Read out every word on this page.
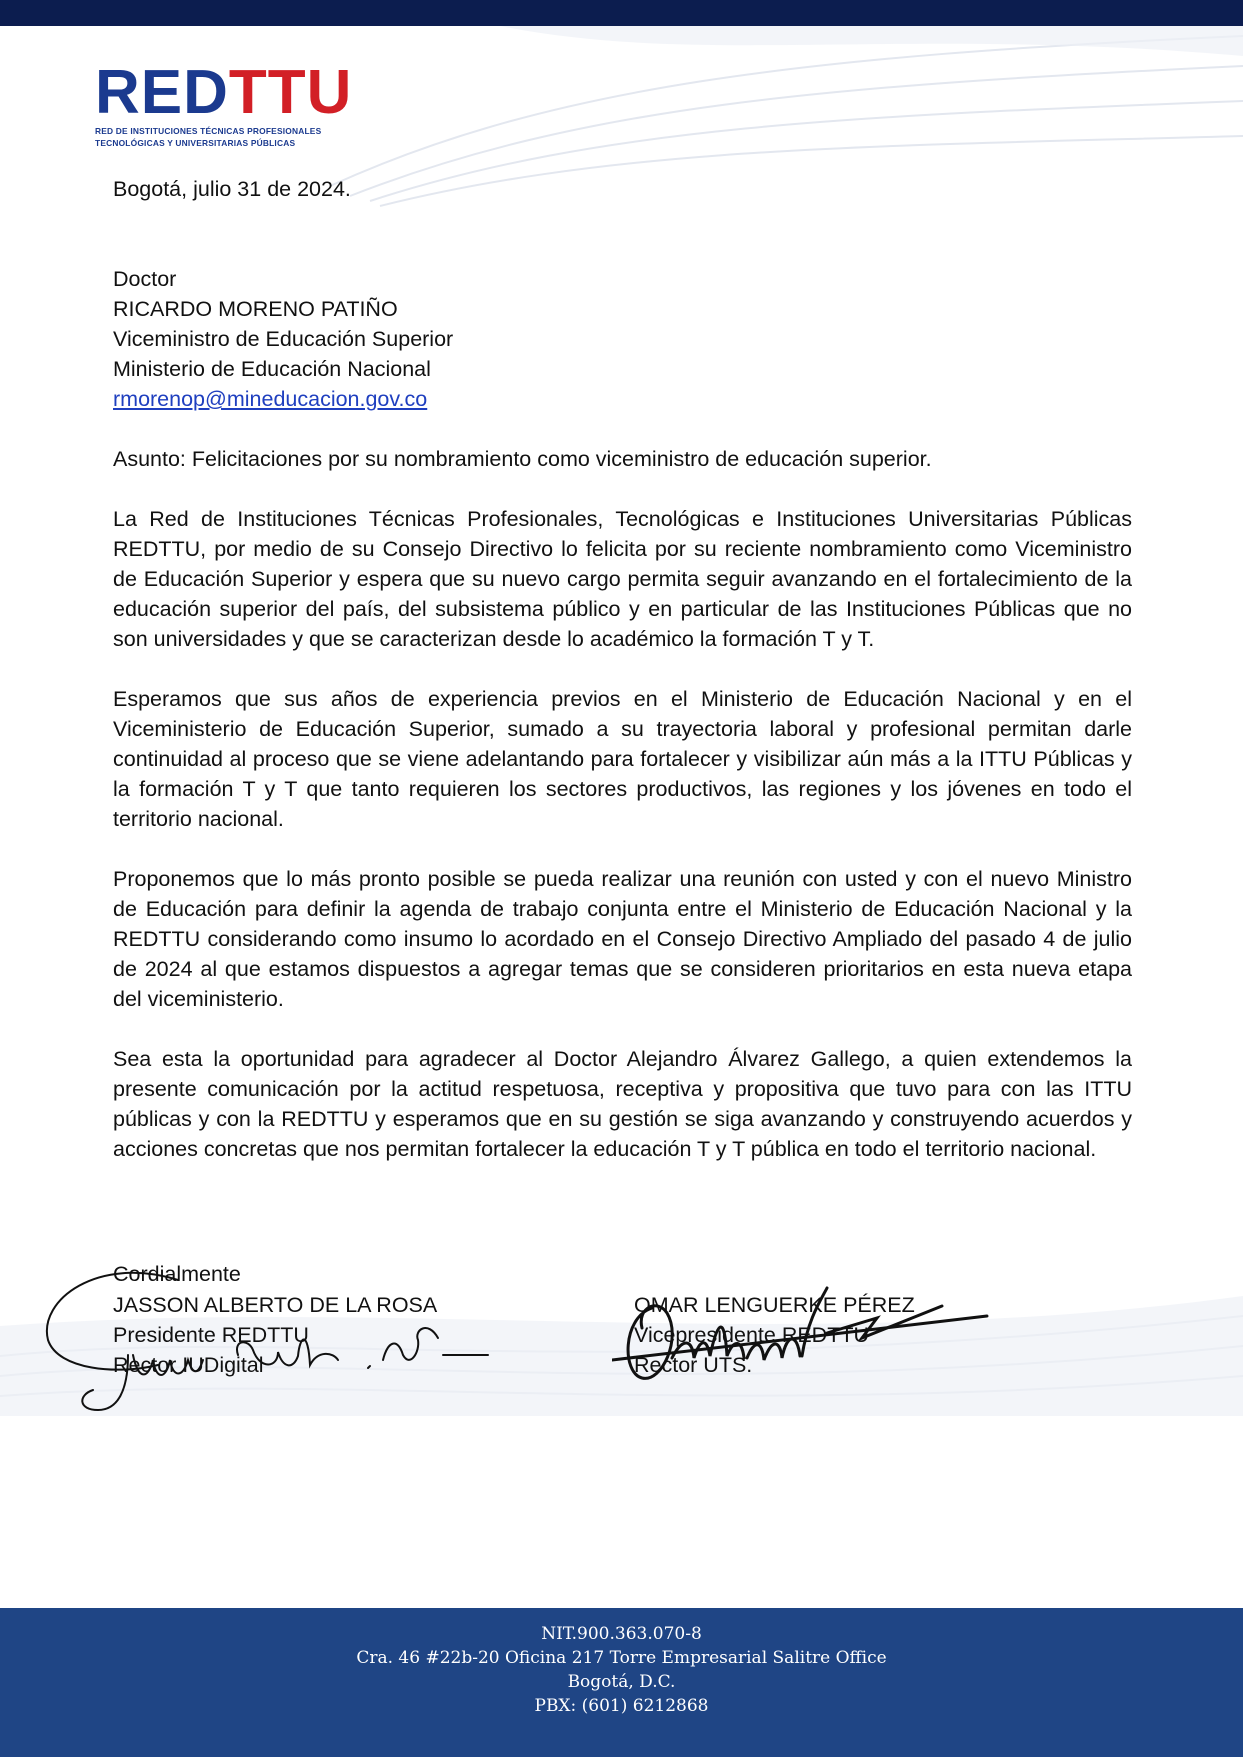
RED TTU
RED DE INSTITUCIONES TÉCNICAS PROFESIONALES
TECNOLÓGICAS Y UNIVERSITARIAS PÚBLICAS
Bogotá, julio 31 de 2024.
Doctor
RICARDO MORENO PATIÑO
Viceministro de Educación Superior
Ministerio de Educación Nacional
rmorenop@mineducacion.gov.co
Asunto: Felicitaciones por su nombramiento como viceministro de educación superior.

La Red de Instituciones Técnicas Profesionales, Tecnológicas e Instituciones Universitarias Públicas REDTTU, por medio de su Consejo Directivo lo felicita por su reciente nombramiento como Viceministro de Educación Superior y espera que su nuevo cargo permita seguir avanzando en el fortalecimiento de la educación superior del país, del subsistema público y en particular de las Instituciones Públicas que no son universidades y que se caracterizan desde lo académico la formación T y T.

Esperamos que sus años de experiencia previos en el Ministerio de Educación Nacional y en el Viceministerio de Educación Superior, sumado a su trayectoria laboral y profesional permitan darle continuidad al proceso que se viene adelantando para fortalecer y visibilizar aún más a la ITTU Públicas y la formación T y T que tanto requieren los sectores productivos, las regiones y los jóvenes en todo el territorio nacional.

Proponemos que lo más pronto posible se pueda realizar una reunión con usted y con el nuevo Ministro de Educación para definir la agenda de trabajo conjunta entre el Ministerio de Educación Nacional y la REDTTU considerando como insumo lo acordado en el Consejo Directivo Ampliado del pasado 4 de julio de 2024 al que estamos dispuestos a agregar temas que se consideren prioritarios en esta nueva etapa del viceministerio.

Sea esta la oportunidad para agradecer al Doctor Alejandro Álvarez Gallego, a quien extendemos la presente comunicación por la actitud respetuosa, receptiva y propositiva que tuvo para con las ITTU públicas y con la REDTTU y esperamos que en su gestión se siga avanzando y construyendo acuerdos y acciones concretas que nos permitan fortalecer la educación T y T pública en todo el territorio nacional.

Cordialmente
JASSON ALBERTO DE LA ROSA
Presidente REDTTU
Rector IUDigital
OMAR LENGUERKE PÉREZ
Vicepresidente REDTTU
Rector UTS.
NIT.900.363.070-8
Cra. 46 #22b-20 Oficina 217 Torre Empresarial Salitre Office
Bogotá, D.C.
PBX: (601) 6212868
